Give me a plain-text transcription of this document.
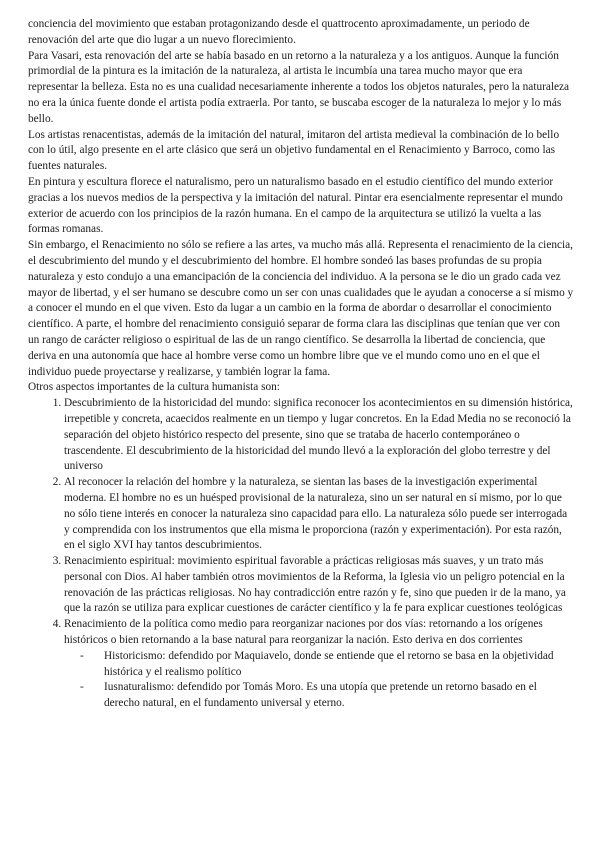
conciencia del movimiento que estaban protagonizando desde el quattrocento aproximadamente, un periodo de renovación del arte que dio lugar a un nuevo florecimiento.

Para Vasari, esta renovación del arte se había basado en un retorno a la naturaleza y a los antiguos. Aunque la función primordial de la pintura es la imitación de la naturaleza, al artista le incumbía una tarea mucho mayor que era representar la belleza. Esta no es una cualidad necesariamente inherente a todos los objetos naturales, pero la naturaleza no era la única fuente donde el artista podía extraerla. Por tanto, se buscaba escoger de la naturaleza lo mejor y lo más bello.

Los artistas renacentistas, además de la imitación del natural, imitaron del artista medieval la combinación de lo bello con lo útil, algo presente en el arte clásico que será un objetivo fundamental en el Renacimiento y Barroco, como las fuentes naturales.

En pintura y escultura florece el naturalismo, pero un naturalismo basado en el estudio científico del mundo exterior gracias a los nuevos medios de la perspectiva y la imitación del natural. Pintar era esencialmente representar el mundo exterior de acuerdo con los principios de la razón humana. En el campo de la arquitectura se utilizó la vuelta a las formas romanas.

Sin embargo, el Renacimiento no sólo se refiere a las artes, va mucho más allá. Representa el renacimiento de la ciencia, el descubrimiento del mundo y el descubrimiento del hombre. El hombre sondeó las bases profundas de su propia naturaleza y esto condujo a una emancipación de la conciencia del individuo. A la persona se le dio un grado cada vez mayor de libertad, y el ser humano se descubre como un ser con unas cualidades que le ayudan a conocerse a sí mismo y a conocer el mundo en el que viven. Esto da lugar a un cambio en la forma de abordar o desarrollar el conocimiento científico. A parte, el hombre del renacimiento consiguió separar de forma clara las disciplinas que tenían que ver con un rango de carácter religioso o espiritual de las de un rango científico. Se desarrolla la libertad de conciencia, que deriva en una autonomía que hace al hombre verse como un hombre libre que ve el mundo como uno en el que el individuo puede proyectarse y realizarse, y también lograr la fama.

Otros aspectos importantes de la cultura humanista son:

1. Descubrimiento de la historicidad del mundo: significa reconocer los acontecimientos en su dimensión histórica, irrepetible y concreta, acaecidos realmente en un tiempo y lugar concretos. En la Edad Media no se reconoció la separación del objeto histórico respecto del presente, sino que se trataba de hacerlo contemporáneo o trascendente. El descubrimiento de la historicidad del mundo llevó a la exploración del globo terrestre y del universo
2. Al reconocer la relación del hombre y la naturaleza, se sientan las bases de la investigación experimental moderna. El hombre no es un huésped provisional de la naturaleza, sino un ser natural en sí mismo, por lo que no sólo tiene interés en conocer la naturaleza sino capacidad para ello. La naturaleza sólo puede ser interrogada y comprendida con los instrumentos que ella misma le proporciona (razón y experimentación). Por esta razón, en el siglo XVI hay tantos descubrimientos.
3. Renacimiento espiritual: movimiento espiritual favorable a prácticas religiosas más suaves, y un trato más personal con Dios. Al haber también otros movimientos de la Reforma, la Iglesia vio un peligro potencial en la renovación de las prácticas religiosas. No hay contradicción entre razón y fe, sino que pueden ir de la mano, ya que la razón se utiliza para explicar cuestiones de carácter científico y la fe para explicar cuestiones teológicas
4. Renacimiento de la política como medio para reorganizar naciones por dos vías: retornando a los orígenes históricos o bien retornando a la base natural para reorganizar la nación. Esto deriva en dos corrientes
- Historicismo: defendido por Maquiavelo, donde se entiende que el retorno se basa en la objetividad histórica y el realismo político
- Iusnaturalismo: defendido por Tomás Moro. Es una utopía que pretende un retorno basado en el derecho natural, en el fundamento universal y eterno.
